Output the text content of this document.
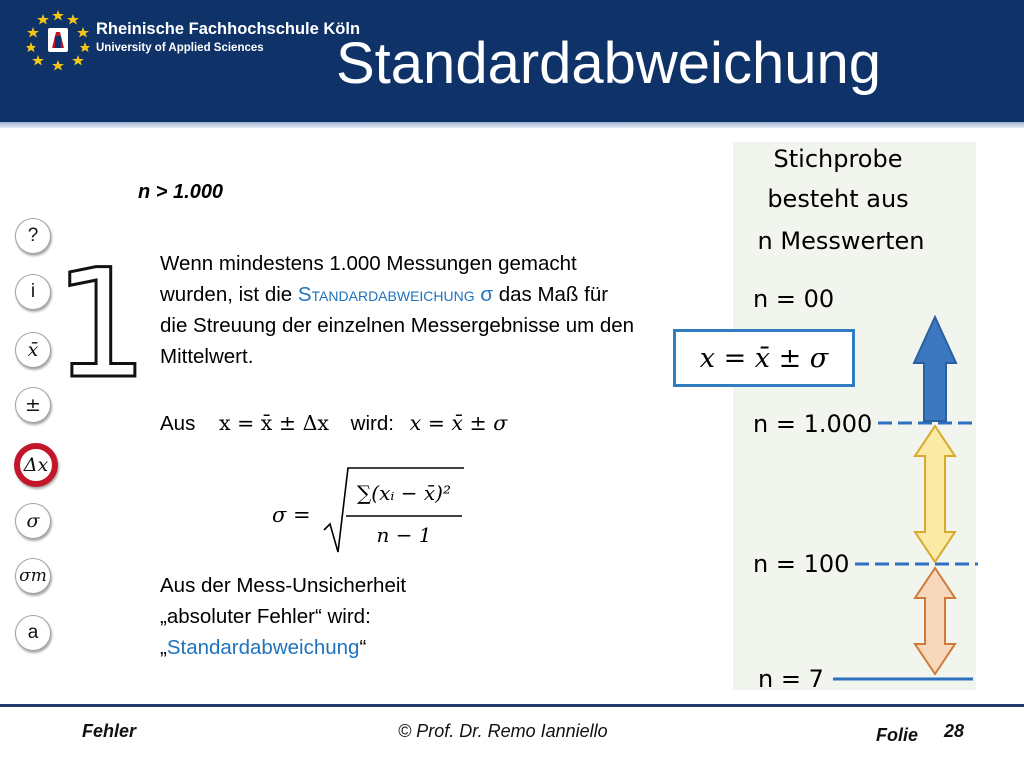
Rheinische Fachhochschule Köln
University of Applied Sciences Standardabweichung
?
i
x̄
±
Δx
σ
σm
a
1
n > 1.000
Wenn mindestens 1.000 Messungen gemacht wurden, ist die Standardabweichung σ das Maß für die Streuung der einzelnen Messergebnisse um den Mittelwert.
Aus x = x̄ ± Δx wird: x = x̄ ± σ
σ =
∑(xᵢ − x̄)²
n − 1
Aus der Mess-Unsicherheit
„absoluter Fehler“ wird:
„Standardabweichung“
Stichprobe
besteht aus
n Messwerten
n = 00
n = 1.000
n = 100
n = 7
x = x̄ ± σ
Fehler	© Prof. Dr. Remo Ianniello	Folie 28
